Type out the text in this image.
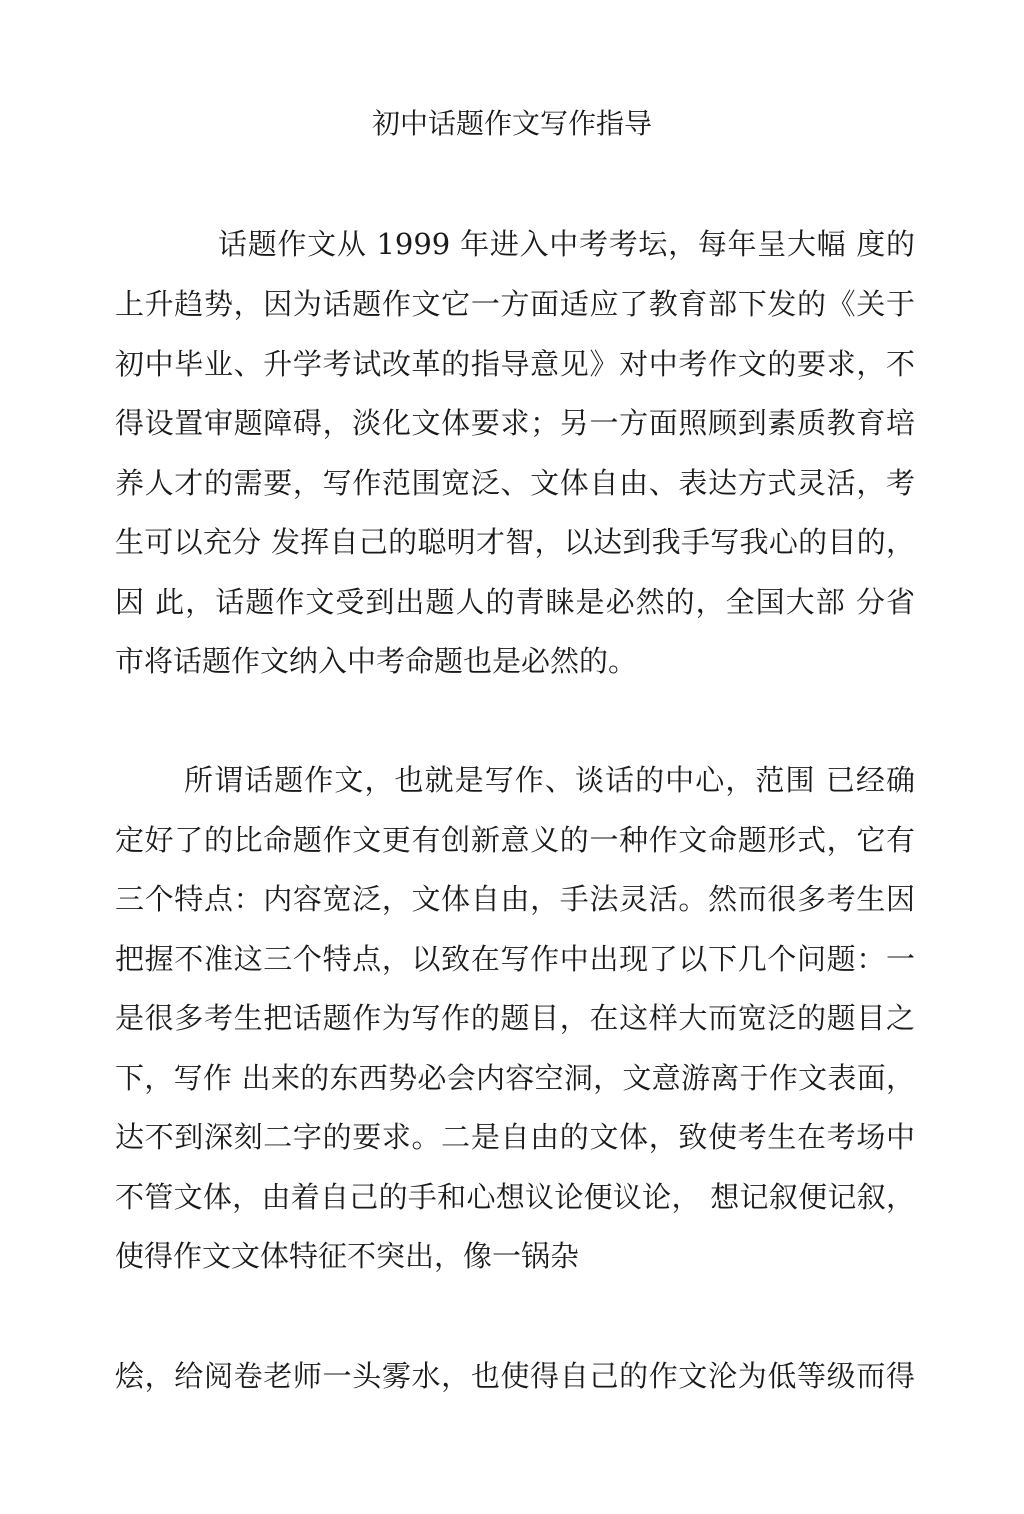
初中话题作文写作指导
话题作文从 1999 年进入中考考坛，每年呈大幅 度的
上升趋势，因为话题作文它一方面适应了教育部下发的《关于
初中毕业、升学考试改革的指导意见》对中考作文的要求，不
得设置审题障碍，淡化文体要求；另一方面照顾到素质教育培
养人才的需要，写作范围宽泛、文体自由、表达方式灵活，考
生可以充分 发挥自己的聪明才智，以达到我手写我心的目的，
因 此，话题作文受到出题人的青睐是必然的，全国大部 分省
市将话题作文纳入中考命题也是必然的。
所谓话题作文，也就是写作、谈话的中心，范围 已经确
定好了的比命题作文更有创新意义的一种作文命题形式，它有
三个特点：内容宽泛，文体自由，手法灵活。然而很多考生因
把握不准这三个特点，以致在写作中出现了以下几个问题：一
是很多考生把话题作为写作的题目，在这样大而宽泛的题目之
下，写作 出来的东西势必会内容空洞，文意游离于作文表面，
达不到深刻二字的要求。二是自由的文体，致使考生在考场中
不管文体，由着自己的手和心想议论便议论， 想记叙便记叙，
使得作文文体特征不突出，像一锅杂
烩，给阅卷老师一头雾水，也使得自己的作文沦为低等级而得
